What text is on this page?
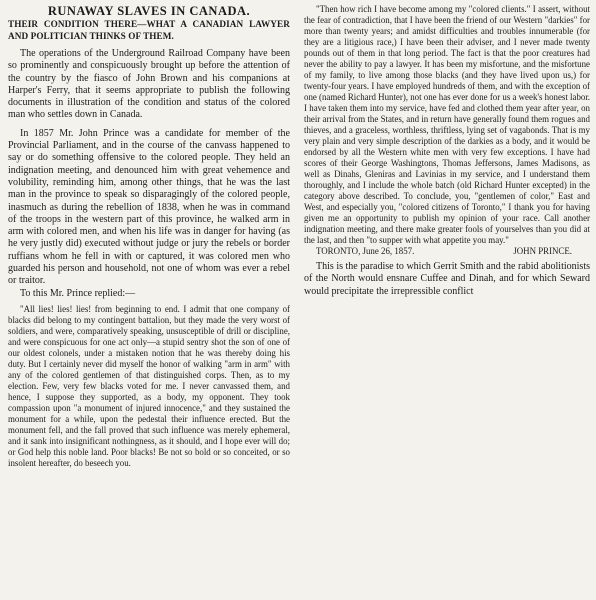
RUNAWAY SLAVES IN CANADA.
THEIR CONDITION THERE—WHAT A CANADIAN LAWYER AND POLITICIAN THINKS OF THEM.

The operations of the Underground Railroad Company have been so prominently and conspicuously brought up before the attention of the country by the fiasco of John Brown and his companions at Harper's Ferry, that it seems appropriate to publish the following documents in illustration of the condition and status of the colored man who settles down in Canada.

In 1857 Mr. John Prince was a candidate for member of the Provincial Parliament, and in the course of the canvass happened to say or do something offensive to the colored people. They held an indignation meeting, and denounced him with great vehemence and volubility, reminding him, among other things, that he was the last man in the province to speak so disparagingly of the colored people, inasmuch as during the rebellion of 1838, when he was in command of the troops in the western part of this province, he walked arm in arm with colored men, and when his life was in danger for having (as he very justly did) executed without judge or jury the rebels or border ruffians whom he fell in with or captured, it was colored men who guarded his person and household, not one of whom was ever a rebel or traitor.

To this Mr. Prince replied:—

"All lies! lies! lies! from beginning to end. I admit that one company of blacks did belong to my contingent battalion, but they made the very worst of soldiers, and were, comparatively speaking, unsusceptible of drill or discipline, and were conspicuous for one act only—a stupid sentry shot the son of one of our oldest colonels, under a mistaken notion that he was thereby doing his duty. But I certainly never did myself the honor of walking "arm in arm" with any of the colored gentlemen of that distinguished corps. Then, as to my election. Few, very few blacks voted for me. I never canvassed them, and hence, I suppose they supported, as a body, my opponent. They took compassion upon "a monument of injured innocence," and they sustained the monument for a while, upon the pedestal their influence erected. But the monument fell, and the fall proved that such influence was merely ephemeral, and it sank into insignificant nothingness, as it should, and I hope ever will do; or God help this noble land. Poor blacks! Be not so bold or so conceited, or so insolent hereafter, do beseech you.

"Then how rich I have become among my "colored clients." I assert, without the fear of contradiction, that I have been the friend of our Western "darkies" for more than twenty years; and amidst difficulties and troubles innumerable (for they are a litigious race,) I have been their adviser, and I never made twenty pounds out of them in that long period. The fact is that the poor creatures had never the ability to pay a lawyer. It has been my misfortune, and the misfortune of my family, to live among those blacks (and they have lived upon us,) for twenty-four years. I have employed hundreds of them, and with the exception of one (named Richard Hunter), not one has ever done for us a week's honest labor. I have taken them into my service, have fed and clothed them year after year, on their arrival from the States, and in return have generally found them rogues and thieves, and a graceless, worthless, thriftless, lying set of vagabonds. That is my very plain and very simple description of the darkies as a body, and it would be endorsed by all the Western white men with very few exceptions. I have had scores of their George Washingtons, Thomas Jeffersons, James Madisons, as well as Dinahs, Gleniras and Lavinias in my service, and I understand them thoroughly, and I include the whole batch (old Richard Hunter excepted) in the category above described. To conclude, you, "gentlemen of color," East and West, and especially you, "colored citizens of Toronto," I thank you for having given me an opportunity to publish my opinion of your race. Call another indignation meeting, and there make greater fools of yourselves than you did at the last, and then "to supper with what appetite you may."

TORONTO, June 26, 1857.	JOHN PRINCE.

This is the paradise to which Gerrit Smith and the rabid abolitionists of the North would ensnare Cuffee and Dinah, and for which Seward would precipitate the irrepressible conflict
